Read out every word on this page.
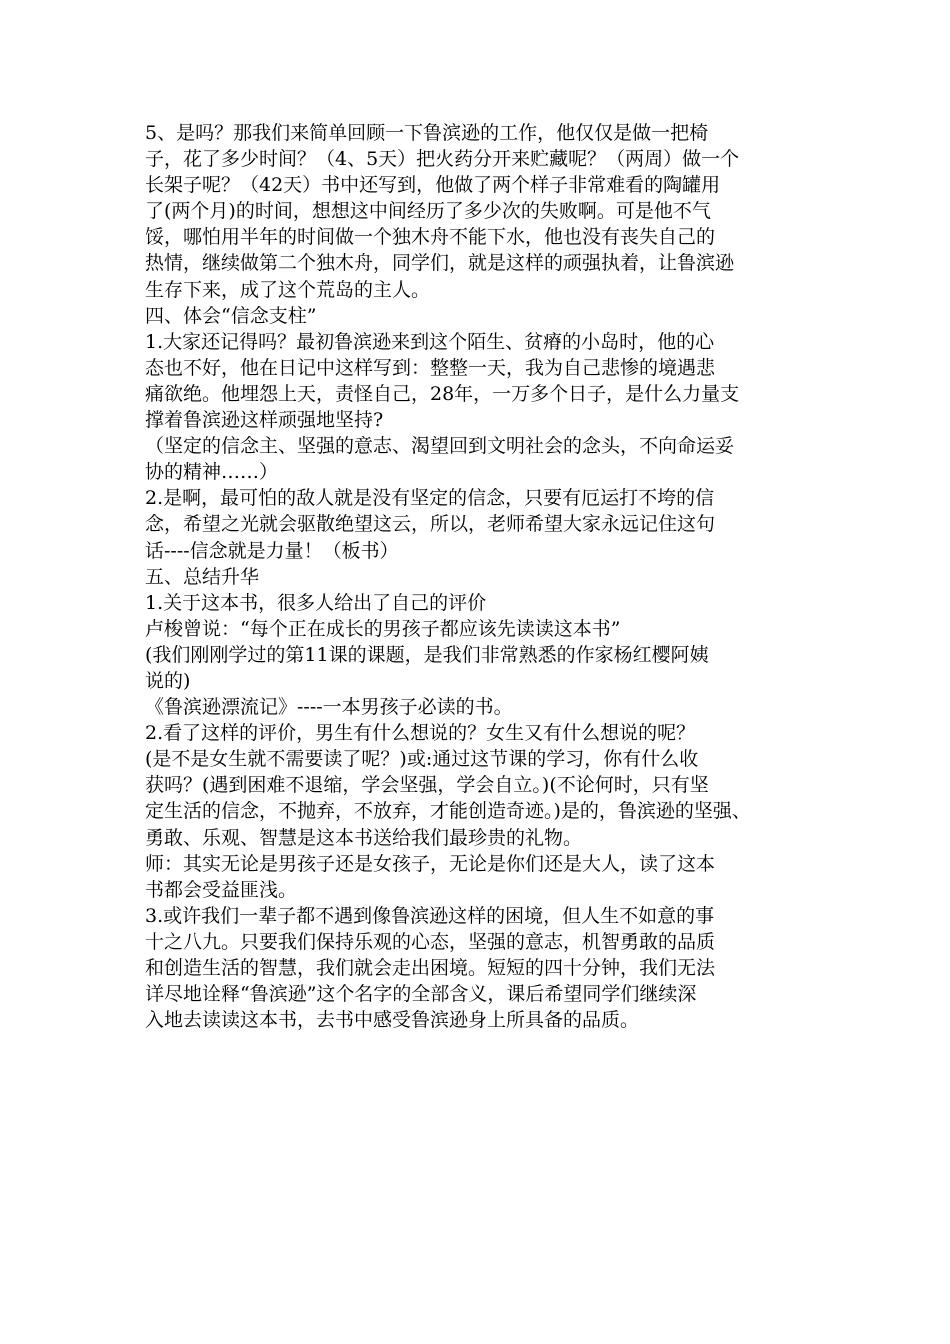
5、是吗？那我们来简单回顾一下鲁滨逊的工作，他仅仅是做一把椅
子，花了多少时间？（4、5天）把火药分开来贮藏呢？（两周）做一个
长架子呢？（42天）书中还写到，他做了两个样子非常难看的陶罐用
了(两个月)的时间，想想这中间经历了多少次的失败啊。可是他不气
馁，哪怕用半年的时间做一个独木舟不能下水，他也没有丧失自己的
热情，继续做第二个独木舟，同学们，就是这样的顽强执着，让鲁滨逊
生存下来，成了这个荒岛的主人。
四、体会“信念支柱”
1.大家还记得吗？最初鲁滨逊来到这个陌生、贫瘠的小岛时，他的心
态也不好，他在日记中这样写到：整整一天，我为自己悲惨的境遇悲
痛欲绝。他埋怨上天，责怪自己，28年，一万多个日子，是什么力量支
撑着鲁滨逊这样顽强地坚持?
（坚定的信念主、坚强的意志、渴望回到文明社会的念头，不向命运妥
协的精神……）
2.是啊，最可怕的敌人就是没有坚定的信念，只要有厄运打不垮的信
念，希望之光就会驱散绝望这云，所以，老师希望大家永远记住这句
话----信念就是力量！（板书）
五、总结升华
1.关于这本书，很多人给出了自己的评价
卢梭曾说：“每个正在成长的男孩子都应该先读读这本书”
(我们刚刚学过的第11课的课题，是我们非常熟悉的作家杨红樱阿姨
说的)
《鲁滨逊漂流记》----一本男孩子必读的书。
2.看了这样的评价，男生有什么想说的？女生又有什么想说的呢？
(是不是女生就不需要读了呢？)或:通过这节课的学习，你有什么收
获吗？(遇到困难不退缩，学会坚强，学会自立。)(不论何时，只有坚
定生活的信念，不抛弃，不放弃，才能创造奇迹。)是的，鲁滨逊的坚强、
勇敢、乐观、智慧是这本书送给我们最珍贵的礼物。
师：其实无论是男孩子还是女孩子，无论是你们还是大人，读了这本
书都会受益匪浅。
3.或许我们一辈子都不遇到像鲁滨逊这样的困境，但人生不如意的事
十之八九。只要我们保持乐观的心态，坚强的意志，机智勇敢的品质
和创造生活的智慧，我们就会走出困境。短短的四十分钟，我们无法
详尽地诠释“鲁滨逊”这个名字的全部含义，课后希望同学们继续深
入地去读读这本书，去书中感受鲁滨逊身上所具备的品质。
